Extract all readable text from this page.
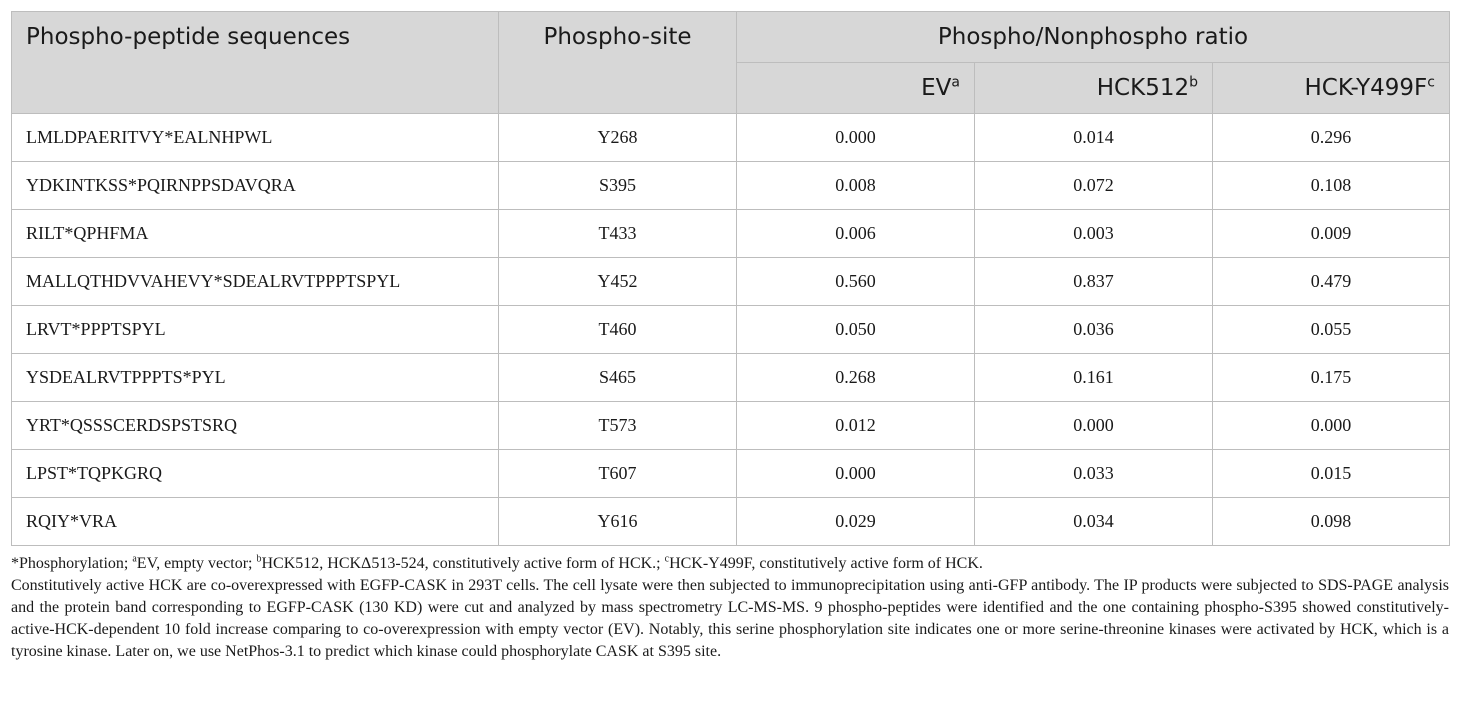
Phospho-peptide sequences	Phospho-site	Phospho/Nonphospho ratio		
		$EV^a$	HCK512$^b$	HCK-$Y499F^c$
LMLDPAERITVY*EALNHPWL	Y268	0.000	0.014	0.296
YDKINTKSS*PQIRNPPSDAVQRA	S395	0.008	0.072	0.108
RILT*QPHFMA	T433	0.006	0.003	0.009
MALLQTHDVVAHEVY*SDEALRVTPPPTSPYL	Y452	0.560	0.837	0.479
LRVT*PPPTSPYL	T460	0.050	0.036	0.055
YSDEALRVTPPPTS*PYL	S465	0.268	0.161	0.175
YRT*QSSSCERDSPSTSRQ	T573	0.012	0.000	0.000
LPST*TQPKGRQ	T607	0.000	0.033	0.015
RQIY*VRA	Y616	0.029	0.034	0.098

*Phosphorylation; $^a$EV, empty vector; $^b$HCK512, HCKΔ513-524, constitutively active form of HCK.; $^c$HCK-Y499F, constitutively active form of HCK.

Constitutively active HCK are co-overexpressed with EGFP-CASK in 293T cells. The cell lysate were then subjected to immunoprecipitation using anti-GFP antibody. The IP products were subjected to SDS-PAGE analysis and the protein band corresponding to EGFP-CASK (130 KD) were cut and analyzed by mass spectrometry LC-MS-MS. 9 phospho-peptides were identified and the one containing phospho-S395 showed constitutively-active-HCK-dependent 10 fold increase comparing to co-overexpression with empty vector (EV). Notably, this serine phosphorylation site indicates one or more serine-threonine kinases were activated by HCK, which is a tyrosine kinase. Later on, we use NetPhos-3.1 to predict which kinase could phosphorylate CASK at S395 site.
